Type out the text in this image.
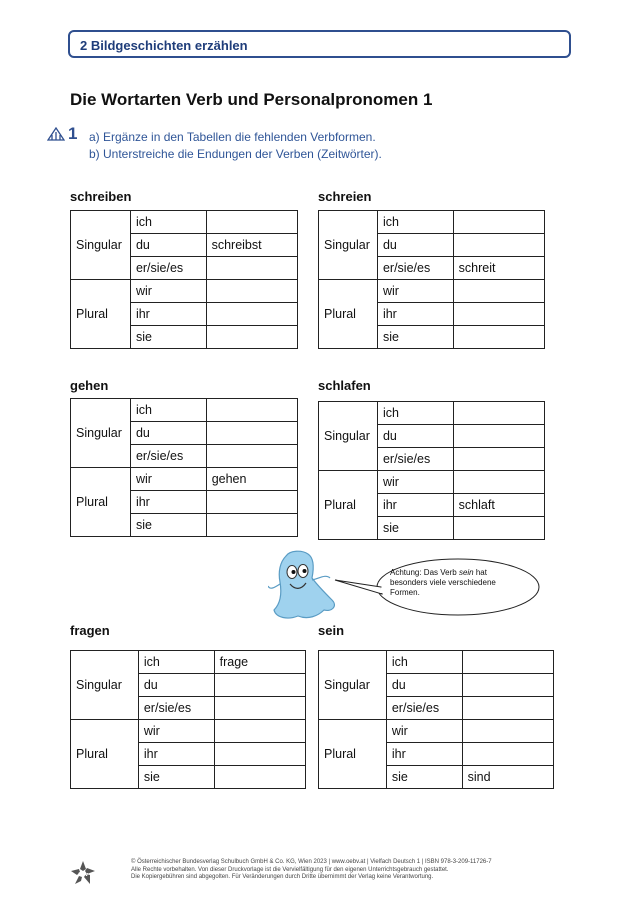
2 Bildgeschichten erzählen
Die Wortarten Verb und Personalpronomen 1
1 a) Ergänze in den Tabellen die fehlenden Verbformen.
b) Unterstreiche die Endungen der Verben (Zeitwörter).
schreiben
Singular	ich	
	du	schreibst
	er/sie/es	
Plural	wir	
	ihr	
	sie	
schreien
Singular	ich	
	du	
	er/sie/es	schreit
Plural	wir	
	ihr	
	sie	
gehen
Singular	ich	
	du	
	er/sie/es	
Plural	wir	gehen
	ihr	
	sie	
schlafen
Singular	ich	
	du	
	er/sie/es	
Plural	wir	
	ihr	schlaft
	sie	
Achtung: Das Verb sein hat besonders viele verschiedene Formen.
fragen
Singular	ich	frage
	du	
	er/sie/es	
Plural	wir	
	ihr	
	sie	
sein
Singular	ich	
	du	
	er/sie/es	
Plural	wir	
	ihr	
	sie	sind
öbv
© Österreichischer Bundesverlag Schulbuch GmbH & Co. KG, Wien 2023 | www.oebv.at | Vielfach Deutsch 1 | ISBN 978-3-209-11726-7
Alle Rechte vorbehalten. Von dieser Druckvorlage ist die Vervielfältigung für den eigenen Unterrichtsgebrauch gestattet.
Die Kopiergebühren sind abgegolten. Für Veränderungen durch Dritte übernimmt der Verlag keine Verantwortung.
